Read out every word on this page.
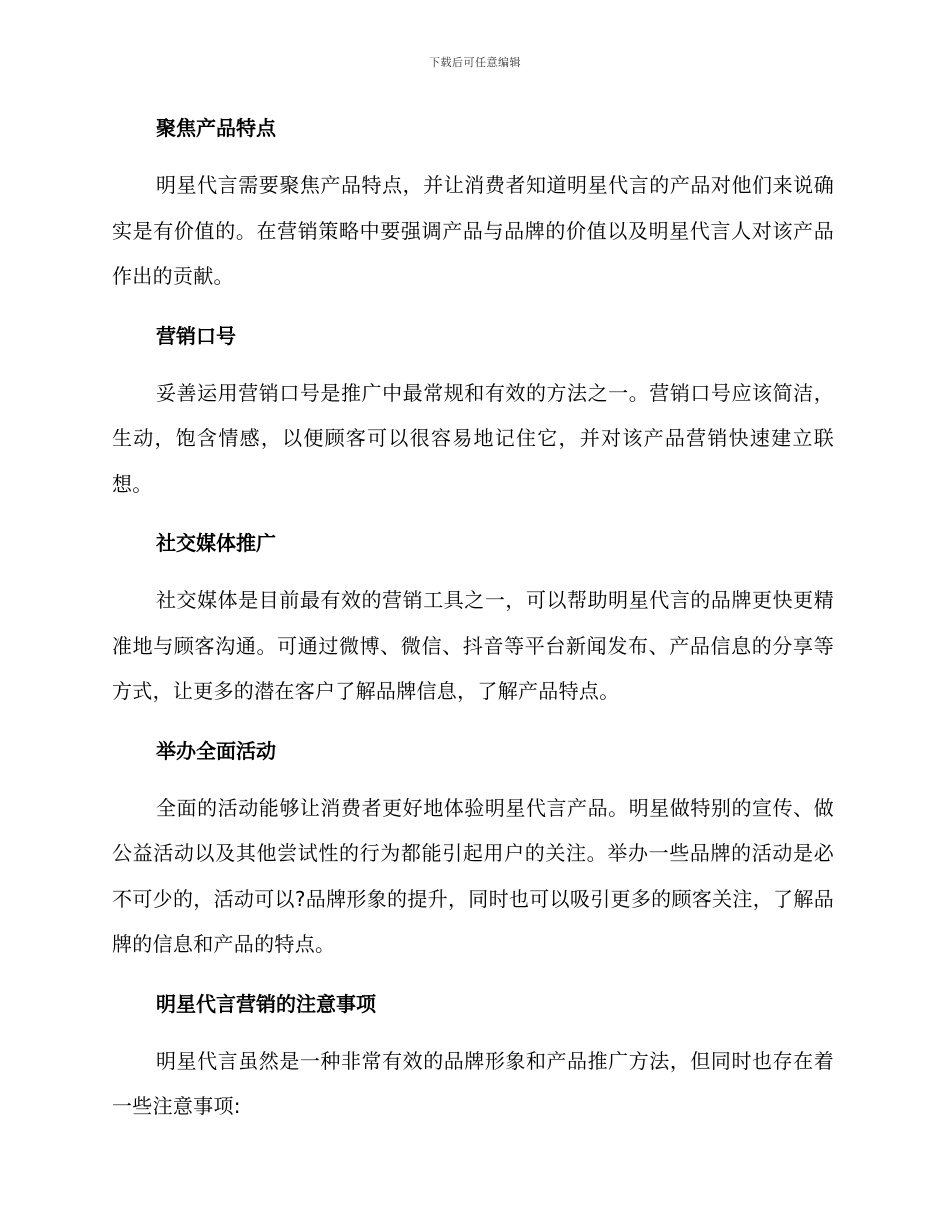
下载后可任意编辑
聚焦产品特点

明星代言需要聚焦产品特点，并让消费者知道明星代言的产品对他们来说确实是有价值的。在营销策略中要强调产品与品牌的价值以及明星代言人对该产品作出的贡献。

营销口号

妥善运用营销口号是推广中最常规和有效的方法之一。营销口号应该简洁，生动，饱含情感，以便顾客可以很容易地记住它，并对该产品营销快速建立联想。

社交媒体推广

社交媒体是目前最有效的营销工具之一，可以帮助明星代言的品牌更快更精准地与顾客沟通。可通过微博、微信、抖音等平台新闻发布、产品信息的分享等方式，让更多的潜在客户了解品牌信息，了解产品特点。

举办全面活动

全面的活动能够让消费者更好地体验明星代言产品。明星做特别的宣传、做公益活动以及其他尝试性的行为都能引起用户的关注。举办一些品牌的活动是必不可少的，活动可以?品牌形象的提升，同时也可以吸引更多的顾客关注，了解品牌的信息和产品的特点。

明星代言营销的注意事项

明星代言虽然是一种非常有效的品牌形象和产品推广方法，但同时也存在着一些注意事项:
